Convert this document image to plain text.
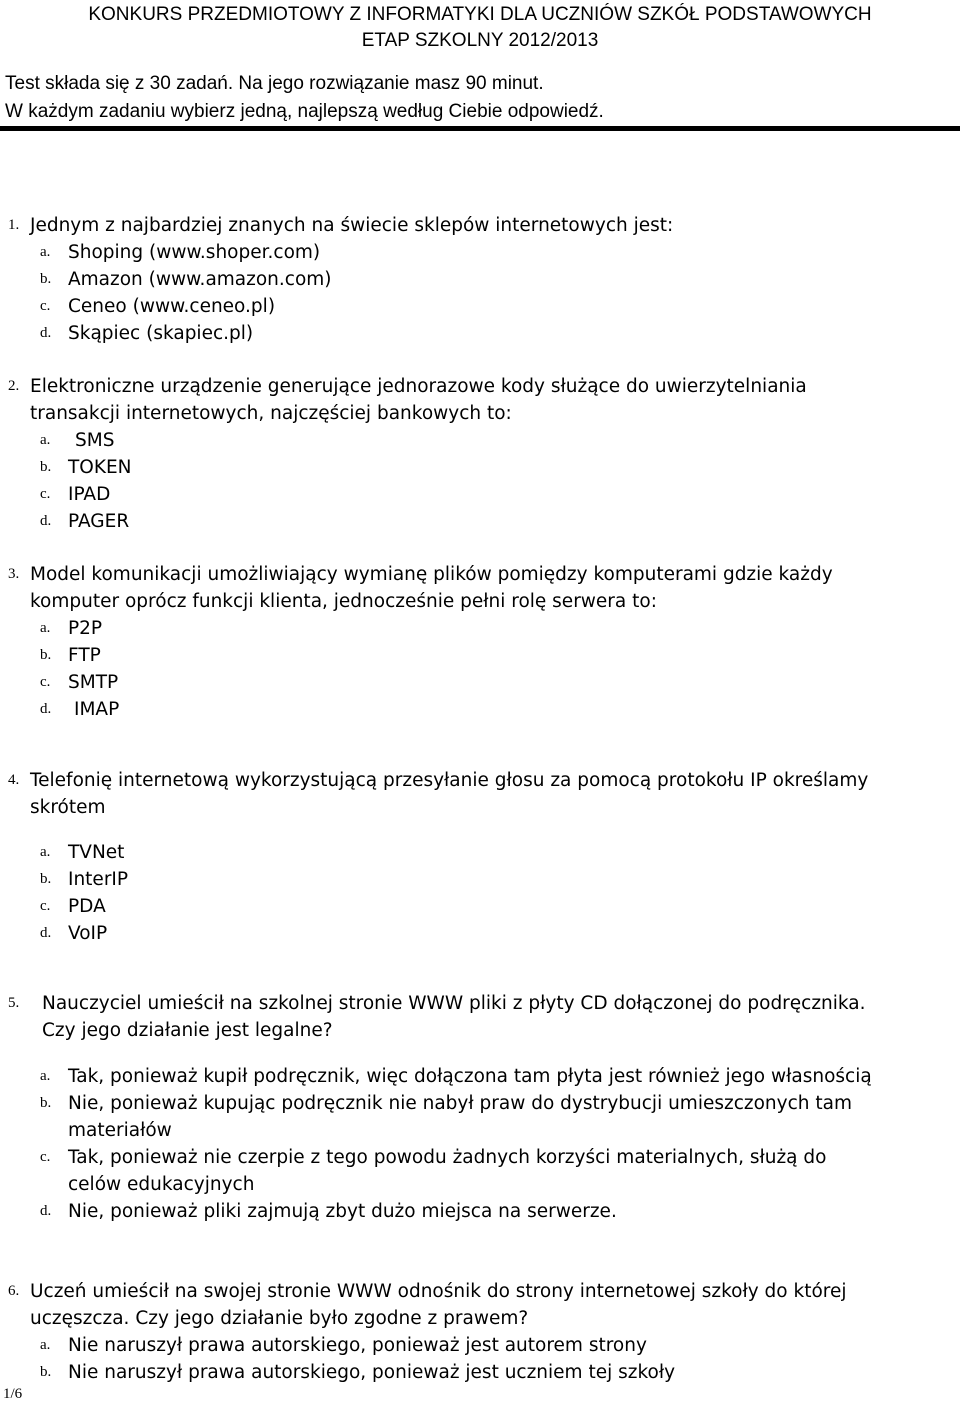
KONKURS PRZEDMIOTOWY Z INFORMATYKI DLA UCZNIÓW SZKÓŁ PODSTAWOWYCH
ETAP SZKOLNY 2012/2013
Test składa się z 30 zadań. Na jego rozwiązanie masz 90 minut.
W każdym zadaniu wybierz jedną, najlepszą według Ciebie odpowiedź.
1. Jednym z najbardziej znanych na świecie sklepów internetowych jest:
a. Shoping (www.shoper.com)
b. Amazon (www.amazon.com)
c. Ceneo (www.ceneo.pl)
d. Skąpiec (skapiec.pl)
2. Elektroniczne urządzenie generujące jednorazowe kody służące do uwierzytelniania
transakcji internetowych, najczęściej bankowych to:
a. SMS
b. TOKEN
c. IPAD
d. PAGER
3. Model komunikacji umożliwiający wymianę plików pomiędzy komputerami gdzie każdy
komputer oprócz funkcji klienta, jednocześnie pełni rolę serwera to:
a. P2P
b. FTP
c. SMTP
d. IMAP
4. Telefonię internetową wykorzystującą przesyłanie głosu za pomocą protokołu IP określamy
skrótem
a. TVNet
b. InterIP
c. PDA
d. VoIP
5. Nauczyciel umieścił na szkolnej stronie WWW pliki z płyty CD dołączonej do podręcznika.
Czy jego działanie jest legalne?
a. Tak, ponieważ kupił podręcznik, więc dołączona tam płyta jest również jego własnością
b. Nie, ponieważ kupując podręcznik nie nabył praw do dystrybucji umieszczonych tam
materiałów
c. Tak, ponieważ nie czerpie z tego powodu żadnych korzyści materialnych, służą do
celów edukacyjnych
d. Nie, ponieważ pliki zajmują zbyt dużo miejsca na serwerze.
6. Uczeń umieścił na swojej stronie WWW odnośnik do strony internetowej szkoły do której
uczęszcza. Czy jego działanie było zgodne z prawem?
a. Nie naruszył prawa autorskiego, ponieważ jest autorem strony
b. Nie naruszył prawa autorskiego, ponieważ jest uczniem tej szkoły
1/6
